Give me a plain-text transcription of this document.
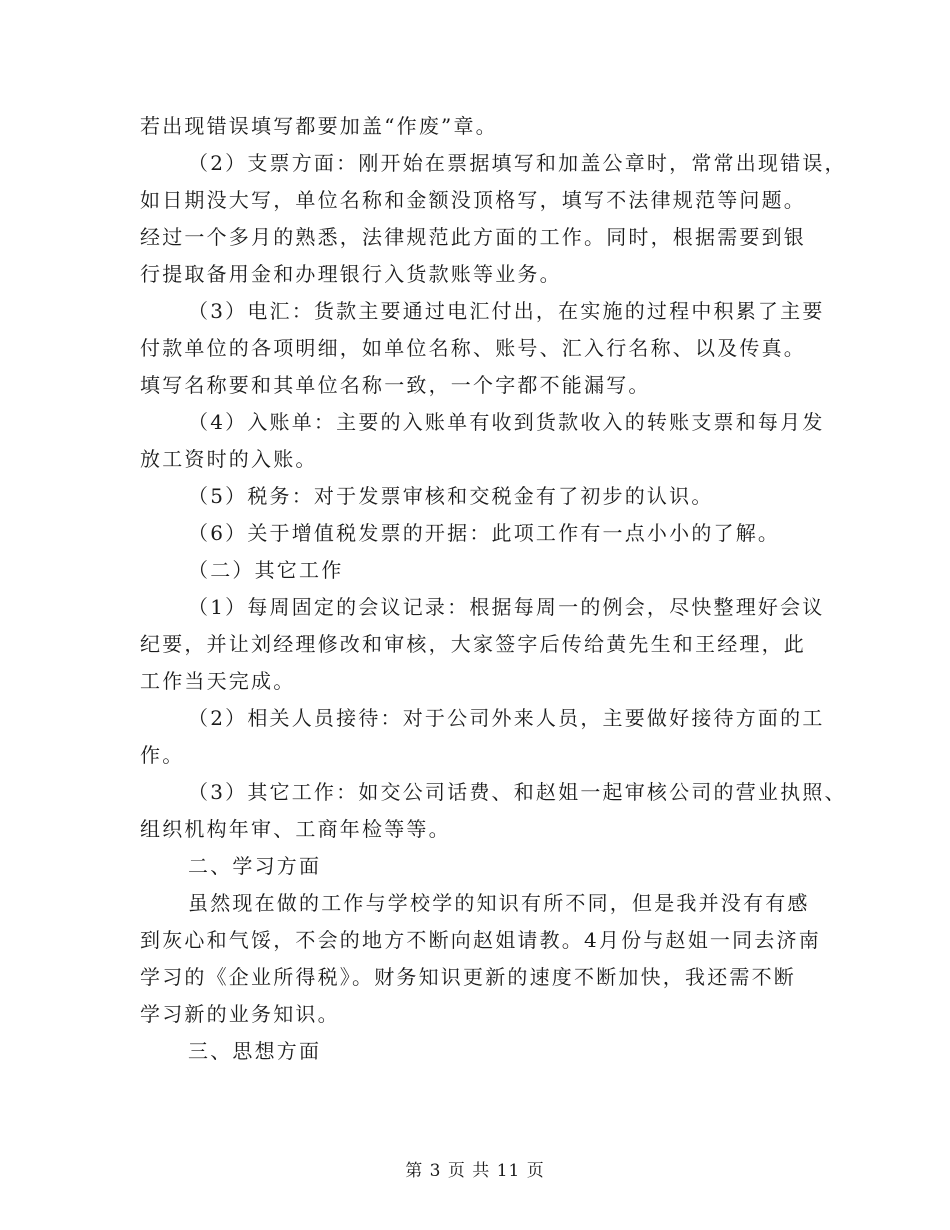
若出现错误填写都要加盖“作废”章。
（2）支票方面：刚开始在票据填写和加盖公章时，常常出现错误，
如日期没大写，单位名称和金额没顶格写，填写不法律规范等问题。
经过一个多月的熟悉，法律规范此方面的工作。同时，根据需要到银
行提取备用金和办理银行入货款账等业务。
（3）电汇：货款主要通过电汇付出，在实施的过程中积累了主要
付款单位的各项明细，如单位名称、账号、汇入行名称、以及传真。
填写名称要和其单位名称一致，一个字都不能漏写。
（4）入账单：主要的入账单有收到货款收入的转账支票和每月发
放工资时的入账。
（5）税务：对于发票审核和交税金有了初步的认识。
（6）关于增值税发票的开据：此项工作有一点小小的了解。
（二）其它工作
（1）每周固定的会议记录：根据每周一的例会，尽快整理好会议
纪要，并让刘经理修改和审核，大家签字后传给黄先生和王经理，此
工作当天完成。
（2）相关人员接待：对于公司外来人员，主要做好接待方面的工
作。
（3）其它工作：如交公司话费、和赵姐一起审核公司的营业执照、
组织机构年审、工商年检等等。
二、学习方面
虽然现在做的工作与学校学的知识有所不同，但是我并没有有感
到灰心和气馁，不会的地方不断向赵姐请教。4月份与赵姐一同去济南
学习的《企业所得税》。财务知识更新的速度不断加快，我还需不断
学习新的业务知识。
三、思想方面
第 3 页 共 11 页
